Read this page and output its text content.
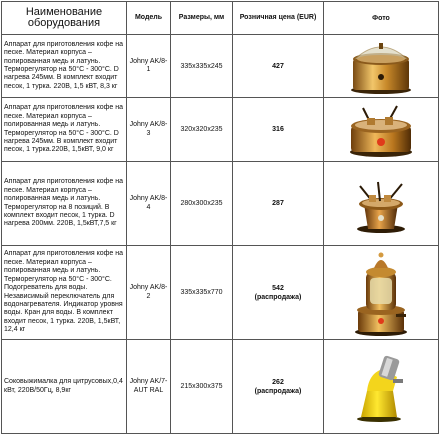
Наименование оборудования	Модель	Размеры, мм	Розничная цена (EUR)	Фото
Аппарат для приготовления кофе на песке. Материал корпуса – полированная медь и латунь. Термoрегулятор на 50°С - 300°С. D нагрева 245мм. В комплект входит песок, 1 турка. 220В, 1,5 кВТ, 8,3 кг	Johny AK/8-1	335x335x245	427

Аппарат для приготовления кофе на песке. Материал корпуса – полированная медь и латунь. Термoрегулятор на 50°С - 300°С. D нагрева 245мм. В комплект входит песок, 1 турка.220В, 1,5кВТ, 9,0 кг	Johny AK/8-3	320x320x235	316

Аппарат для приготовления кофе на песке. Материал корпуса – полированная медь и латунь. Термoрегулятор на 8 позиций. В комплект входит песок, 1 турка. D нагрева 200мм. 220В, 1,5кВТ,7,5 кг	Johny AK/8-4	280x300x235	287

Аппарат для приготовления кофе на песке. Материал корпуса – полированная медь и латунь. Термoрегулятор на 50°С - 300°С. Подогреватель для воды. Независимый переключатель для водонагревателя. Индикатор уровня воды. Кран для воды. В комплект входит песок, 1 турка. 220В, 1,5кВТ, 12,4 кг	Johny AK/8-2	335x335x770	542
(распродажа)

Соковыжималка для цитрусовых,0,4 кВт, 220В/50Гц, 8,9кг	Johny AK/7-AUT RAL	215x300x375	262
(распродажа)
